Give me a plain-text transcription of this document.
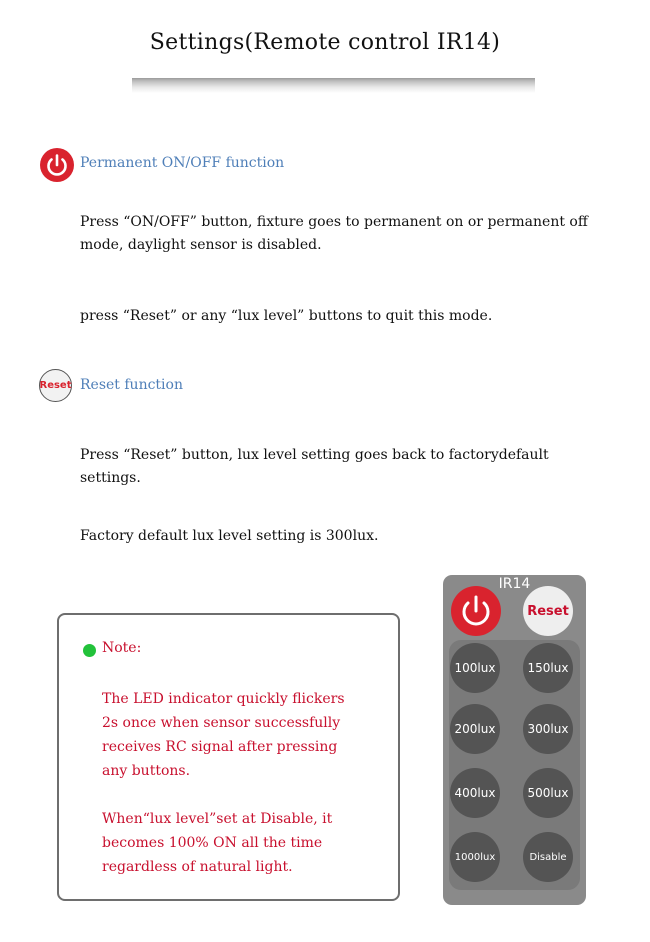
Settings(Remote control IR14)
Permanent ON/OFF function
Press “ON/OFF” button, fixture goes to permanent on or permanent off
mode, daylight sensor is disabled.
press “Reset” or any “lux level” buttons to quit this mode.
Reset Reset function
Press “Reset” button, lux level setting goes back to factorydefault
settings.
Factory default lux level setting is 300lux.
Note:
The LED indicator quickly flickers
2s once when sensor successfully
receives RC signal after pressing
any buttons.
When“lux level”set at Disable, it
becomes 100% ON all the time
regardless of natural light.
IR14
Reset
100lux	150lux
200lux	300lux
400lux	500lux
1000lux	Disable
